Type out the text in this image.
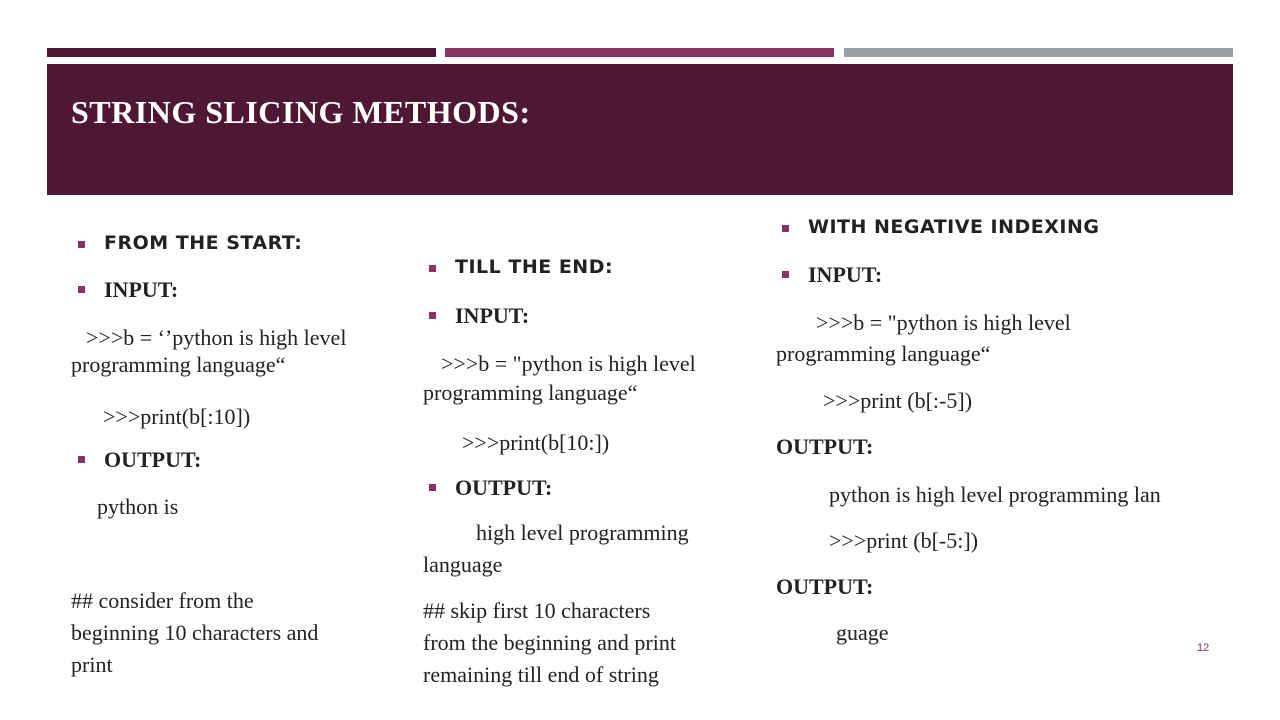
STRING SLICING METHODS:
FROM THE START:
INPUT:
>>>b = ‘’python is high level
programming language“
>>>print(b[:10])
OUTPUT:
python is
## consider from the
beginning 10 characters and
print
TILL THE END:
INPUT:
>>>b = "python is high level
programming language“
>>>print(b[10:])
OUTPUT:
high level programming
language
## skip first 10 characters
from the beginning and print
remaining till end of string
WITH NEGATIVE INDEXING
INPUT:
>>>b = "python is high level
programming language“
>>>print (b[:-5])
OUTPUT:
python is high level programming lan
>>>print (b[-5:])
OUTPUT:
guage
12
